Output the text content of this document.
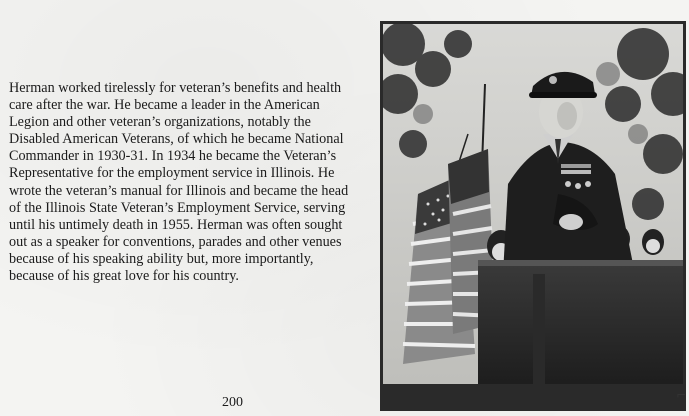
Herman worked tirelessly for veteran’s benefits and health
care after the war. He became a leader in the American
Legion and other veteran’s organizations, notably the
Disabled American Veterans, of which he became National
Commander in 1930-31. In 1934 he became the Veteran’s
Representative for the employment service in Illinois. He
wrote the veteran’s manual for Illinois and became the head
of the Illinois State Veteran’s Employment Service, serving
until his untimely death in 1955. Herman was often sought
out as a speaker for conventions, parades and other venues
because of his speaking ability but, more importantly,
because of his great love for his country.

200	⌐
